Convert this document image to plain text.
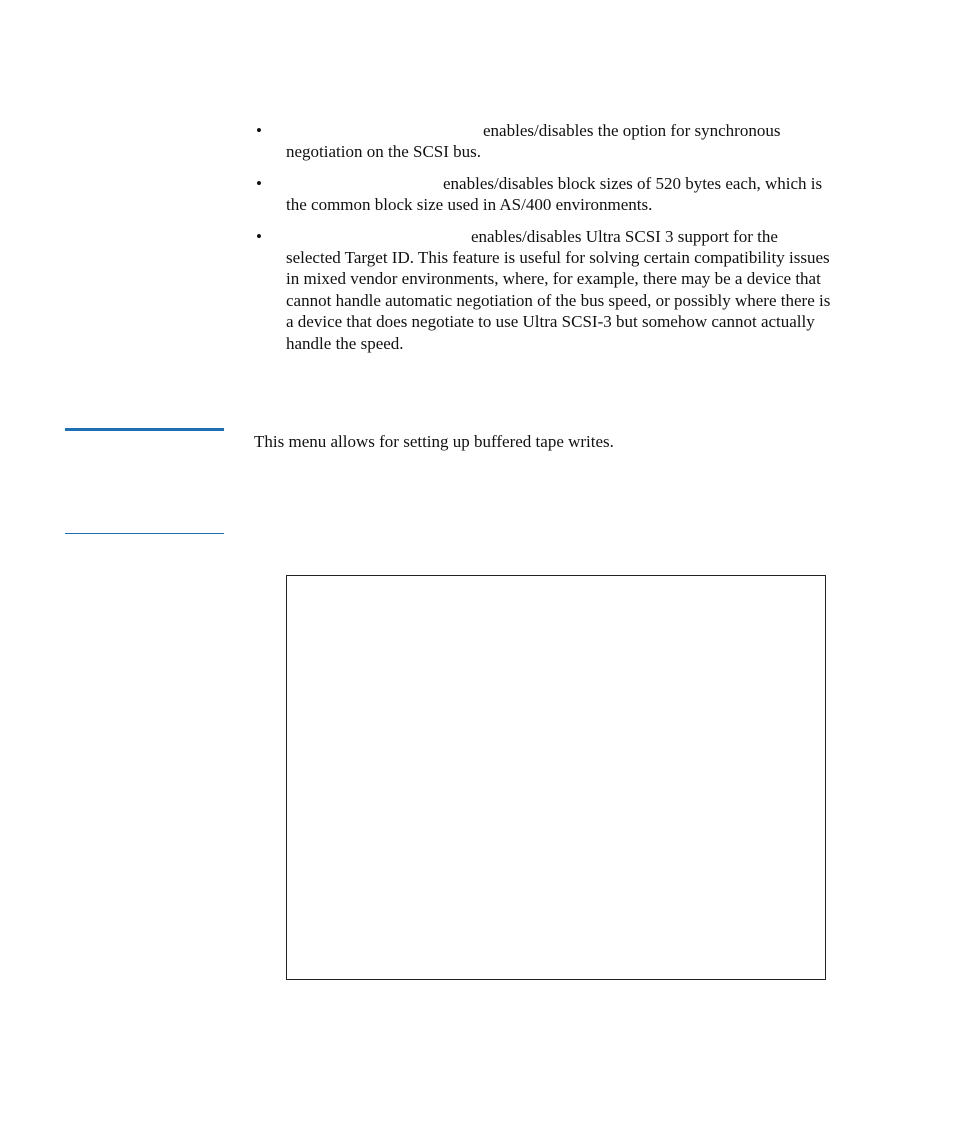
•	enables/disables the option for synchronous negotiation on the SCSI bus.
•	enables/disables block sizes of 520 bytes each, which is the common block size used in AS/400 environments.
•	enables/disables Ultra SCSI 3 support for the selected Target ID. This feature is useful for solving certain compatibility issues in mixed vendor environments, where, for example, there may be a device that cannot handle automatic negotiation of the bus speed, or possibly where there is a device that does negotiate to use Ultra SCSI-3 but somehow cannot actually handle the speed.

This menu allows for setting up buffered tape writes.
